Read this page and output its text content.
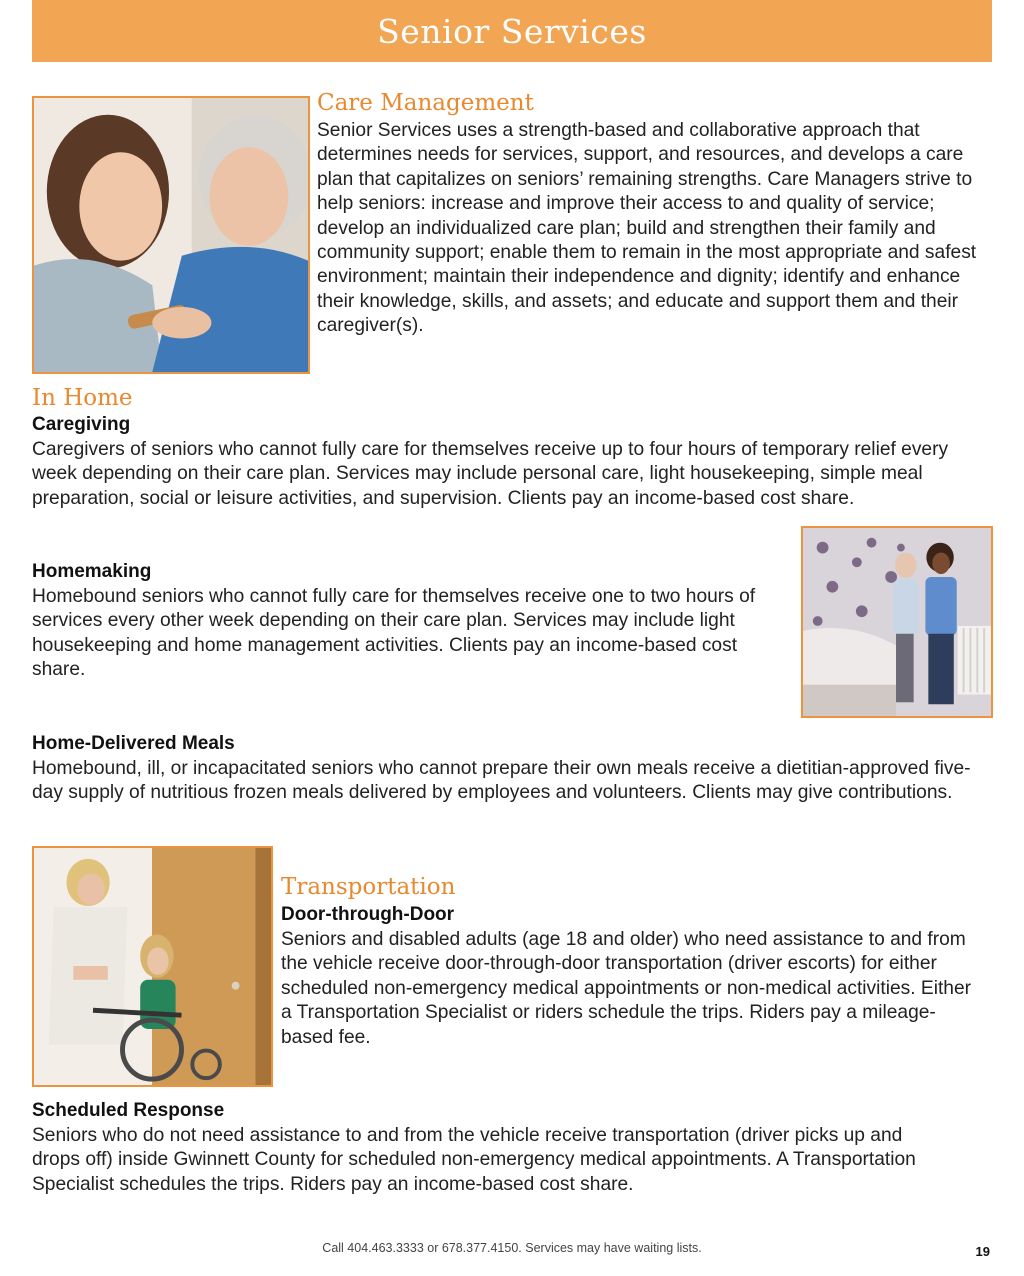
Senior Services
Care Management

Senior Services uses a strength-based and collaborative approach that determines needs for services, support, and resources, and develops a care plan that capitalizes on seniors’ remaining strengths. Care Managers strive to help seniors: increase and improve their access to and quality of service; develop an individualized care plan; build and strengthen their family and community support; enable them to remain in the most appropriate and safest environment; maintain their independence and dignity; identify and enhance their knowledge, skills, and assets; and educate and support them and their caregiver(s).

In Home
Caregiving

Caregivers of seniors who cannot fully care for themselves receive up to four hours of temporary relief every week depending on their care plan. Services may include personal care, light housekeeping, simple meal preparation, social or leisure activities, and supervision. Clients pay an income-based cost share.

Homemaking

Homebound seniors who cannot fully care for themselves receive one to two hours of services every other week depending on their care plan. Services may include light housekeeping and home management activities. Clients pay an income-based cost share.

Home-Delivered Meals

Homebound, ill, or incapacitated seniors who cannot prepare their own meals receive a dietitian-approved five-day supply of nutritious frozen meals delivered by employees and volunteers. Clients may give contributions.

Transportation
Door-through-Door

Seniors and disabled adults (age 18 and older) who need assistance to and from the vehicle receive door-through-door transportation (driver escorts) for either scheduled non-emergency medical appointments or non-medical activities. Either a Transportation Specialist or riders schedule the trips. Riders pay a mileage-based fee.

Scheduled Response

Seniors who do not need assistance to and from the vehicle receive transportation (driver picks up and drops off) inside Gwinnett County for scheduled non-emergency medical appointments. A Transportation Specialist schedules the trips. Riders pay an income-based cost share.

Call 404.463.3333 or 678.377.4150. Services may have waiting lists.	19
